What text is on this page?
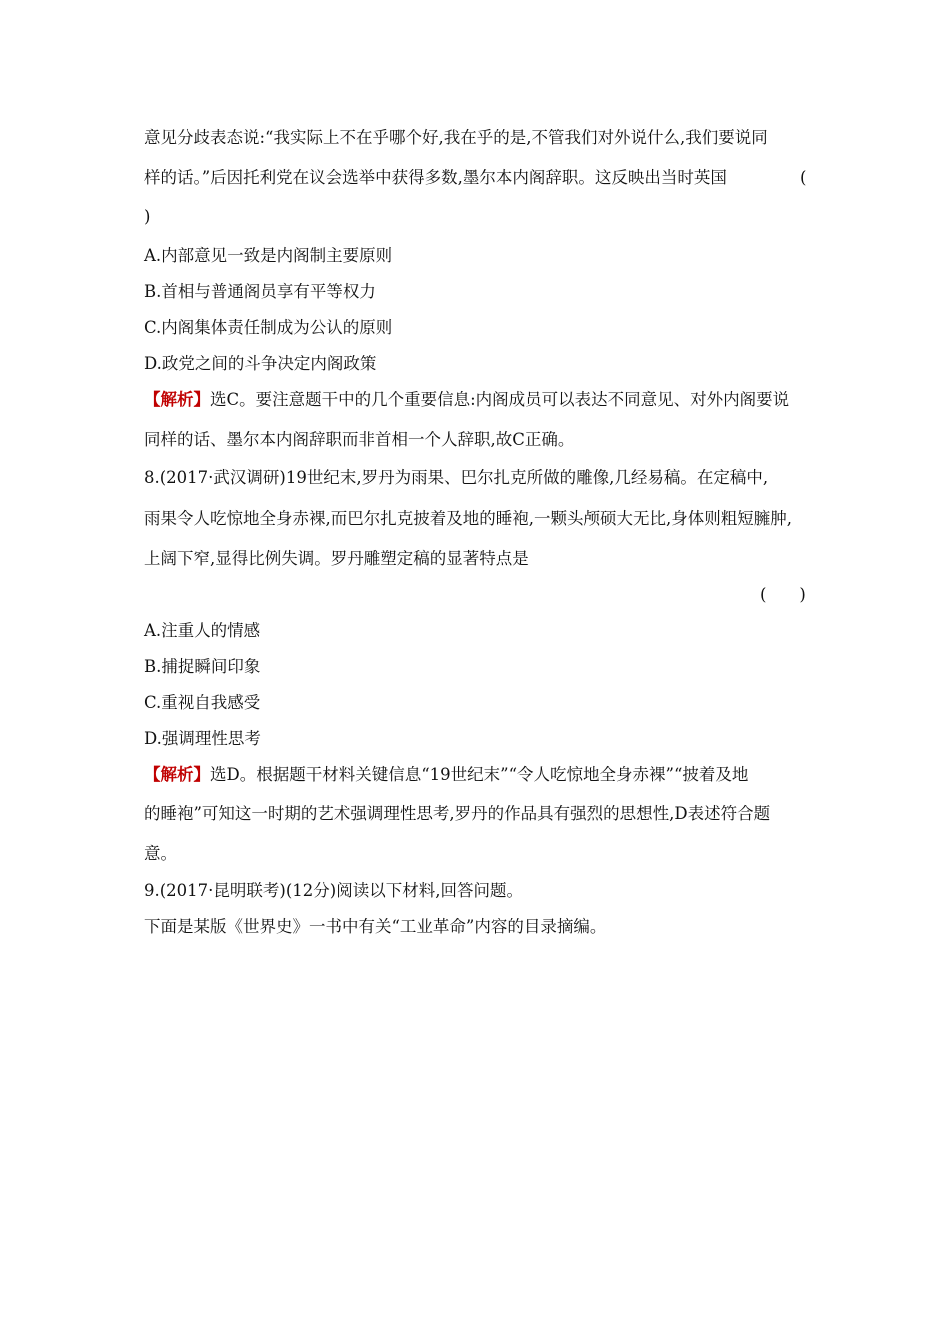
意见分歧表态说:“我实际上不在乎哪个好,我在乎的是,不管我们对外说什么,我们要说同
样的话。”后因托利党在议会选举中获得多数,墨尔本内阁辞职。这反映出当时英国	(
)
A.内部意见一致是内阁制主要原则
B.首相与普通阁员享有平等权力
C.内阁集体责任制成为公认的原则
D.政党之间的斗争决定内阁政策
【解析】选C。要注意题干中的几个重要信息:内阁成员可以表达不同意见、对外内阁要说
同样的话、墨尔本内阁辞职而非首相一个人辞职,故C正确。
8.(2017·武汉调研)19世纪末,罗丹为雨果、巴尔扎克所做的雕像,几经易稿。在定稿中,
雨果令人吃惊地全身赤裸,而巴尔扎克披着及地的睡袍,一颗头颅硕大无比,身体则粗短臃肿,
上阔下窄,显得比例失调。罗丹雕塑定稿的显著特点是
(　　)
A.注重人的情感
B.捕捉瞬间印象
C.重视自我感受
D.强调理性思考
【解析】选D。根据题干材料关键信息“19世纪末”“令人吃惊地全身赤裸”“披着及地
的睡袍”可知这一时期的艺术强调理性思考,罗丹的作品具有强烈的思想性,D表述符合题
意。
9.(2017·昆明联考)(12分)阅读以下材料,回答问题。
下面是某版《世界史》一书中有关“工业革命”内容的目录摘编。
